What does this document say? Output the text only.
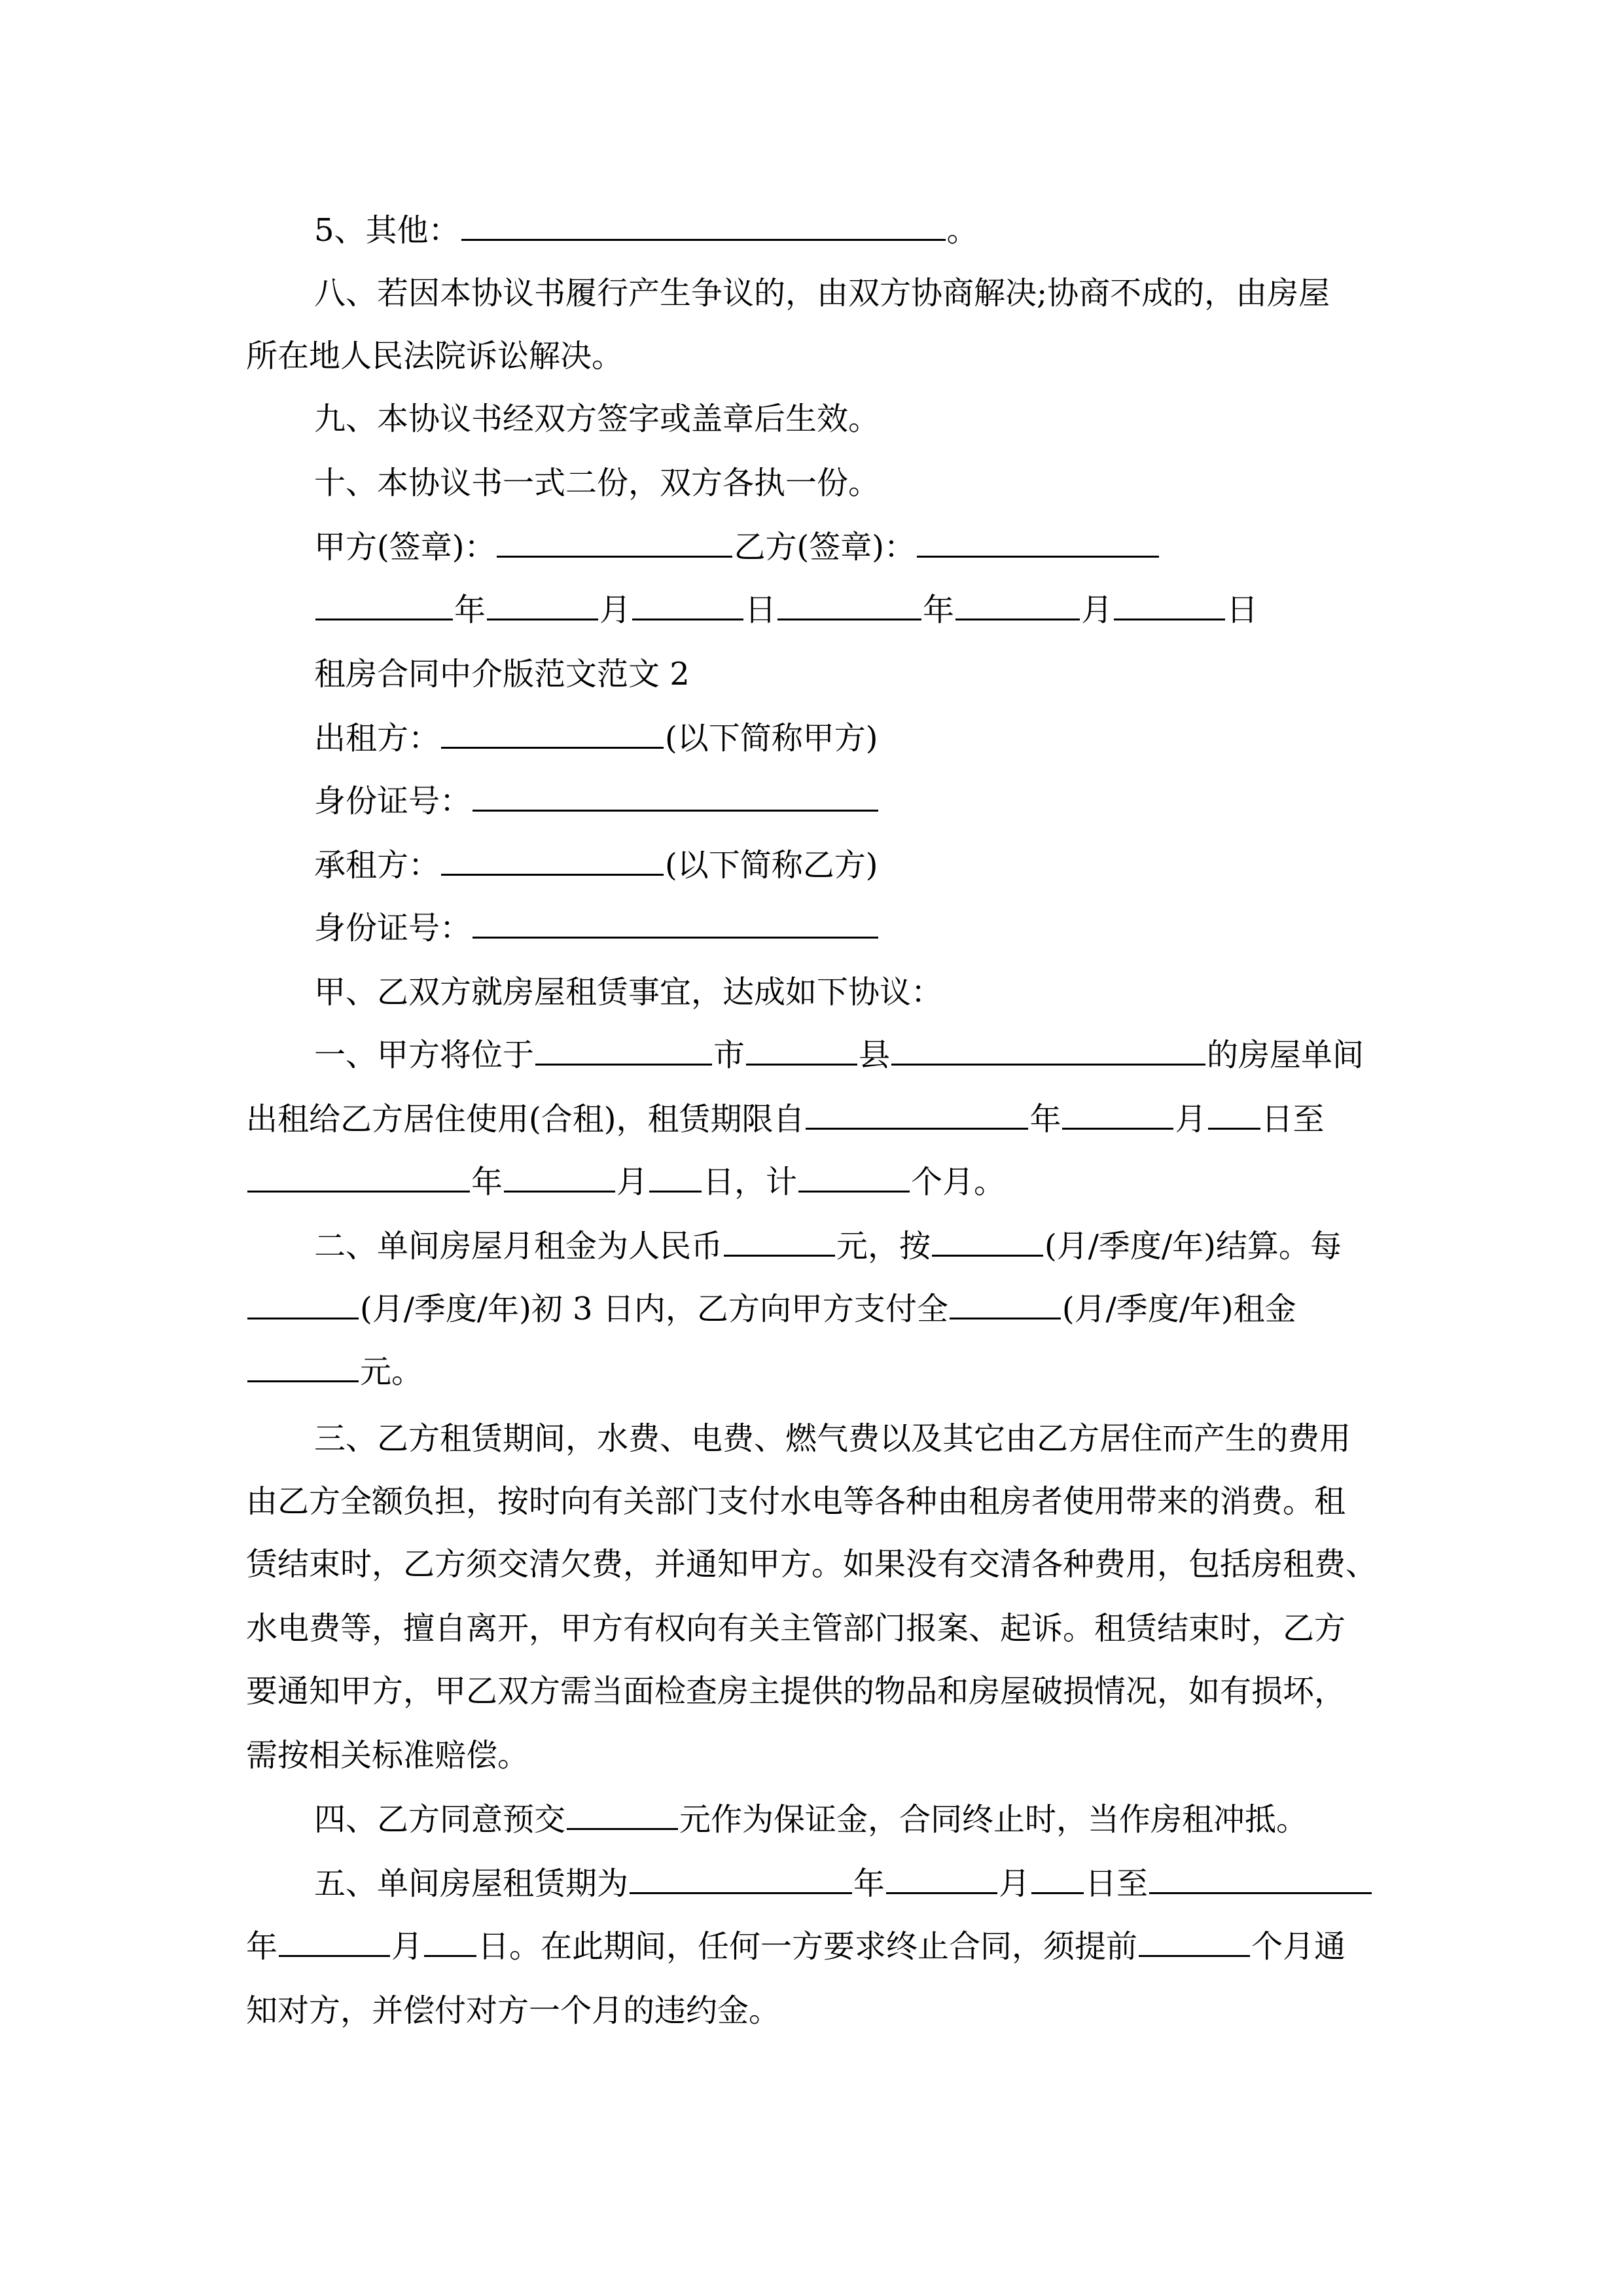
5、其他：	。
八、若因本协议书履行产生争议的，由双方协商解决;协商不成的，由房屋
所在地人民法院诉讼解决。
九、本协议书经双方签字或盖章后生效。
十、本协议书一式二份，双方各执一份。
甲方(签章)：	乙方(签章)：
年	月	日	年	月	日
租房合同中介版范文范文 2
出租方：	(以下简称甲方)
身份证号：
承租方：	(以下简称乙方)
身份证号：
甲、乙双方就房屋租赁事宜，达成如下协议：
一、甲方将位于	市	县	的房屋单间
出租给乙方居住使用(合租)，租赁期限自	年	月 日至
年	月 日，计	个月。
二、单间房屋月租金为人民币	元，按	(月/季度/年)结算。每
(月/季度/年)初 3 日内，乙方向甲方支付全	(月/季度/年)租金
元。
三、乙方租赁期间，水费、电费、燃气费以及其它由乙方居住而产生的费用
由乙方全额负担，按时向有关部门支付水电等各种由租房者使用带来的消费。租
赁结束时，乙方须交清欠费，并通知甲方。如果没有交清各种费用，包括房租费、
水电费等，擅自离开，甲方有权向有关主管部门报案、起诉。租赁结束时，乙方
要通知甲方，甲乙双方需当面检查房主提供的物品和房屋破损情况，如有损坏，
需按相关标准赔偿。
四、乙方同意预交	元作为保证金，合同终止时，当作房租冲抵。
五、单间房屋租赁期为	年	月 日至
年	月 日。在此期间，任何一方要求终止合同，须提前	个月通
知对方，并偿付对方一个月的违约金。
